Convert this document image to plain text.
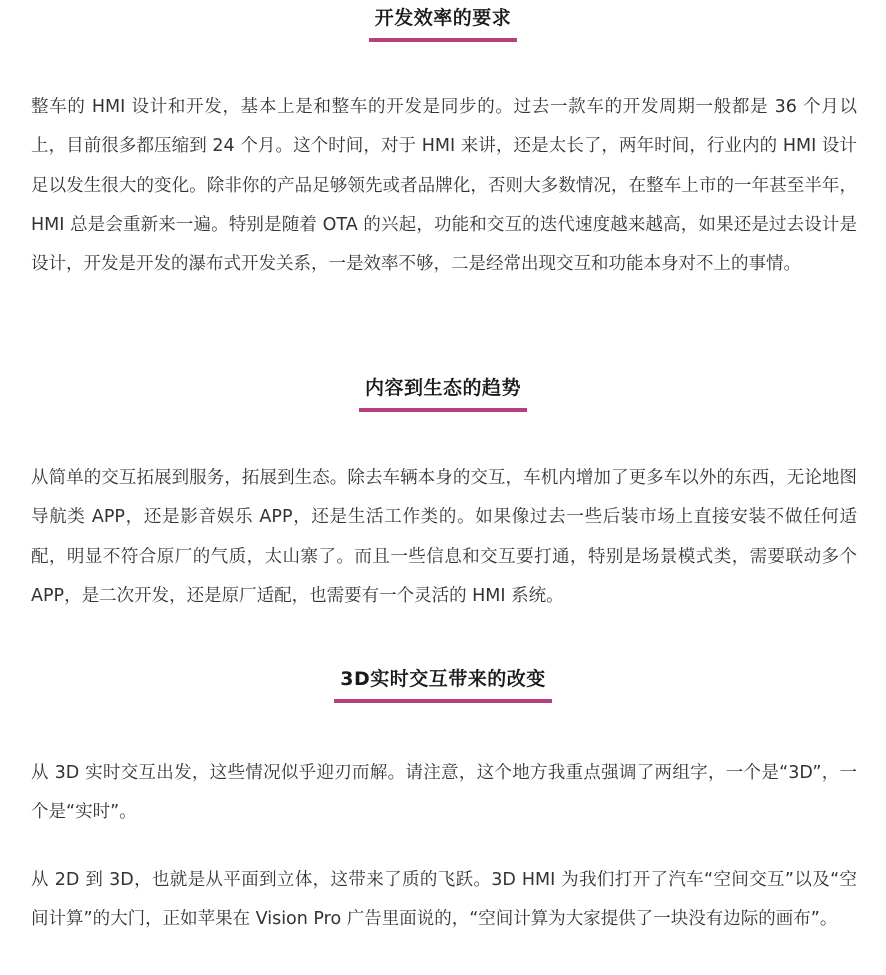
开发效率的要求
整车的 HMI 设计和开发，基本上是和整车的开发是同步的。过去一款车的开发周期一般都是 36 个月以上，目前很多都压缩到 24 个月。这个时间，对于 HMI 来讲，还是太长了，两年时间，行业内的 HMI 设计足以发生很大的变化。除非你的产品足够领先或者品牌化，否则大多数情况，在整车上市的一年甚至半年，HMI 总是会重新来一遍。特别是随着 OTA 的兴起，功能和交互的迭代速度越来越高，如果还是过去设计是设计，开发是开发的瀑布式开发关系，一是效率不够，二是经常出现交互和功能本身对不上的事情。
内容到生态的趋势
从简单的交互拓展到服务，拓展到生态。除去车辆本身的交互，车机内增加了更多车以外的东西，无论地图导航类 APP，还是影音娱乐 APP，还是生活工作类的。如果像过去一些后装市场上直接安装不做任何适配，明显不符合原厂的气质，太山寨了。而且一些信息和交互要打通，特别是场景模式类，需要联动多个 APP，是二次开发，还是原厂适配，也需要有一个灵活的 HMI 系统。
3D实时交互带来的改变
从 3D 实时交互出发，这些情况似乎迎刃而解。请注意，这个地方我重点强调了两组字，一个是“3D”，一个是“实时”。
从 2D 到 3D，也就是从平面到立体，这带来了质的飞跃。3D HMI 为我们打开了汽车“空间交互”以及“空间计算”的大门，正如苹果在 Vision Pro 广告里面说的，“空间计算为大家提供了一块没有边际的画布”。
